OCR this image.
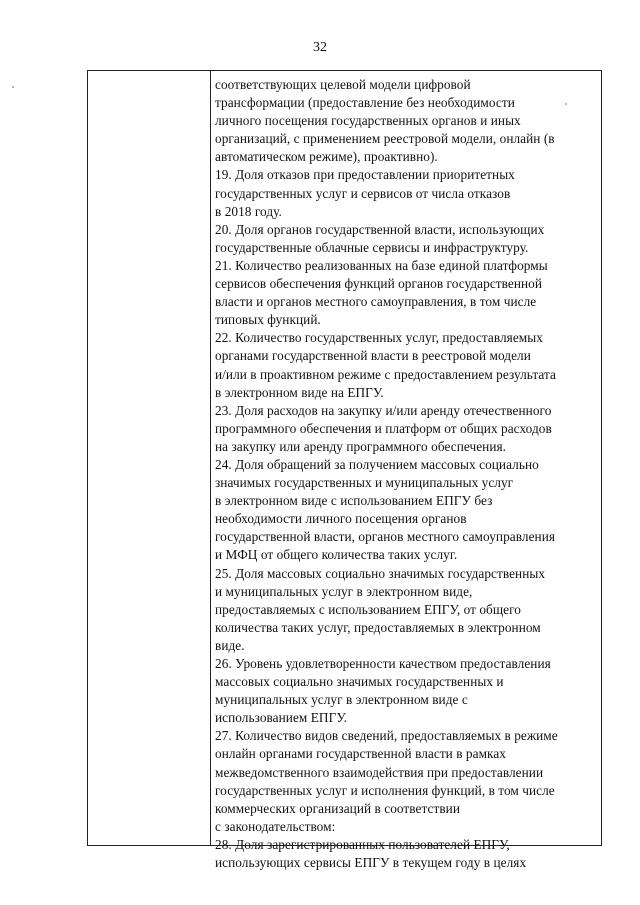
32
соответствующих целевой модели цифровой
трансформации (предоставление без необходимости
личного посещения государственных органов и иных
организаций, с применением реестровой модели, онлайн (в
автоматическом режиме), проактивно).
19. Доля отказов при предоставлении приоритетных
государственных услуг и сервисов от числа отказов
в 2018 году.
20. Доля органов государственной власти, использующих
государственные облачные сервисы и инфраструктуру.
21. Количество реализованных на базе единой платформы
сервисов обеспечения функций органов государственной
власти и органов местного самоуправления, в том числе
типовых функций.
22. Количество государственных услуг, предоставляемых
органами государственной власти в реестровой модели
и/или в проактивном режиме с предоставлением результата
в электронном виде на ЕПГУ.
23. Доля расходов на закупку и/или аренду отечественного
программного обеспечения и платформ от общих расходов
на закупку или аренду программного обеспечения.
24. Доля обращений за получением массовых социально
значимых государственных и муниципальных услуг
в электронном виде с использованием ЕПГУ без
необходимости личного посещения органов
государственной власти, органов местного самоуправления
и МФЦ от общего количества таких услуг.
25. Доля массовых социально значимых государственных
и муниципальных услуг в электронном виде,
предоставляемых с использованием ЕПГУ, от общего
количества таких услуг, предоставляемых в электронном
виде.
26. Уровень удовлетворенности качеством предоставления
массовых социально значимых государственных и
муниципальных услуг в электронном виде с
использованием ЕПГУ.
27. Количество видов сведений, предоставляемых в режиме
онлайн органами государственной власти в рамках
межведомственного взаимодействия при предоставлении
государственных услуг и исполнения функций, в том числе
коммерческих организаций в соответствии
с законодательством:
28. Доля зарегистрированных пользователей ЕПГУ,
использующих сервисы ЕПГУ в текущем году в целях
